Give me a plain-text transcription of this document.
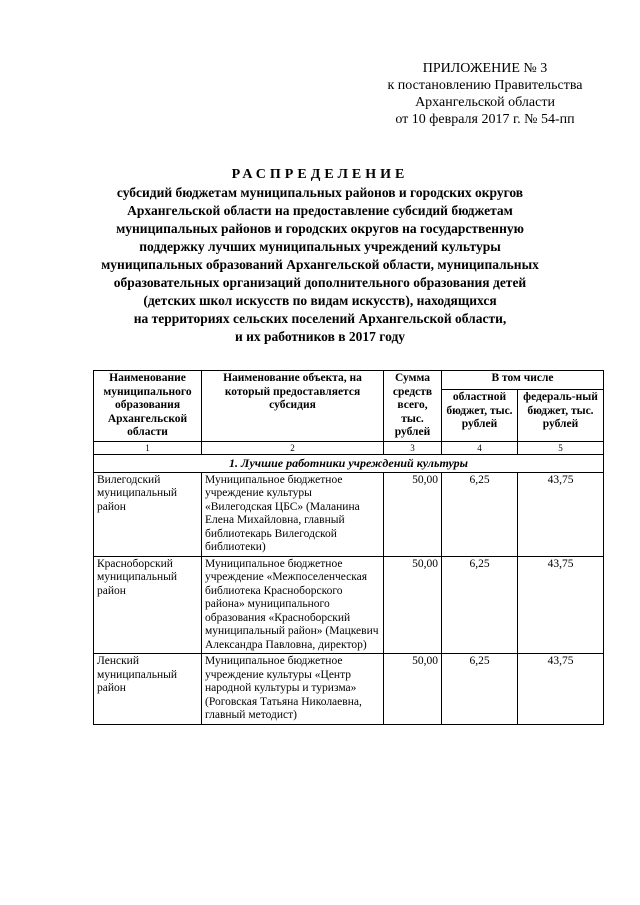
ПРИЛОЖЕНИЕ № 3
к постановлению Правительства
Архангельской области
от 10 февраля 2017 г. № 54-пп
РАСПРЕДЕЛЕНИЕ
субсидий бюджетам муниципальных районов и городских округов
Архангельской области на предоставление субсидий бюджетам
муниципальных районов и городских округов на государственную
поддержку лучших муниципальных учреждений культуры
муниципальных образований Архангельской области, муниципальных
образовательных организаций дополнительного образования детей
(детских школ искусств по видам искусств), находящихся
на территориях сельских поселений Архангельской области,
и их работников в 2017 году
Наименование муниципального образования Архангельской области	Наименование объекта, на который предоставляется субсидия	Сумма средств всего, тыс. рублей	В том числе	
			областной бюджет, тыс. рублей	федераль-ный бюджет, тыс. рублей
1	2	3	4	5
1. Лучшие работники учреждений культуры				
Вилегодский муниципальный район	Муниципальное бюджетное учреждение культуры «Вилегодская ЦБС» (Маланина Елена Михайловна, главный библиотекарь Вилегодской библиотеки)	50,00	6,25	43,75
Красноборский муниципальный район	Муниципальное бюджетное учреждение «Межпоселенческая библиотека Красноборского района» муниципального образования «Красноборский муниципальный район» (Мацкевич Александра Павловна, директор)	50,00	6,25	43,75
Ленский муниципальный район	Муниципальное бюджетное учреждение культуры «Центр народной культуры и туризма» (Роговская Татьяна Николаевна, главный методист)	50,00	6,25	43,75
